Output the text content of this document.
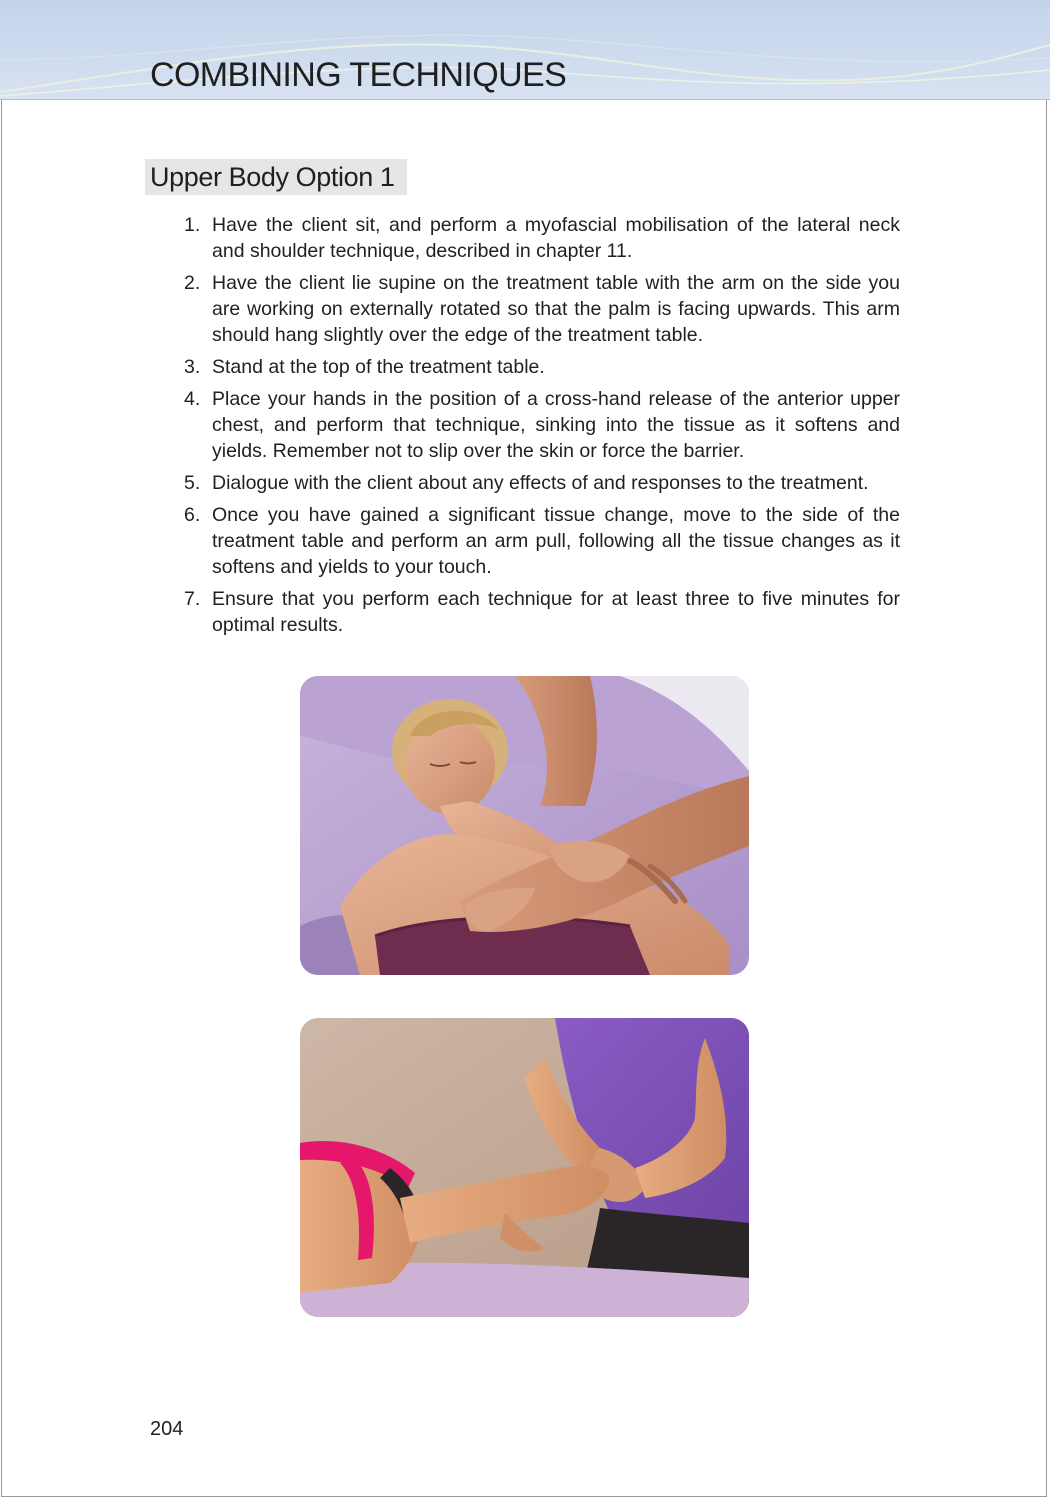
COMBINING TECHNIQUES
Upper Body Option 1
1. Have the client sit, and perform a myofascial mobilisation of the lateral neck and shoulder technique, described in chapter 11.
2. Have the client lie supine on the treatment table with the arm on the side you are working on externally rotated so that the palm is facing upwards. This arm should hang slightly over the edge of the treatment table.
3. Stand at the top of the treatment table.
4. Place your hands in the position of a cross-hand release of the anterior upper chest, and perform that technique, sinking into the tissue as it softens and yields. Remember not to slip over the skin or force the barrier.
5. Dialogue with the client about any effects of and responses to the treatment.
6. Once you have gained a significant tissue change, move to the side of the treatment table and perform an arm pull, following all the tissue changes as it softens and yields to your touch.
7. Ensure that you perform each technique for at least three to five minutes for optimal results.
204
